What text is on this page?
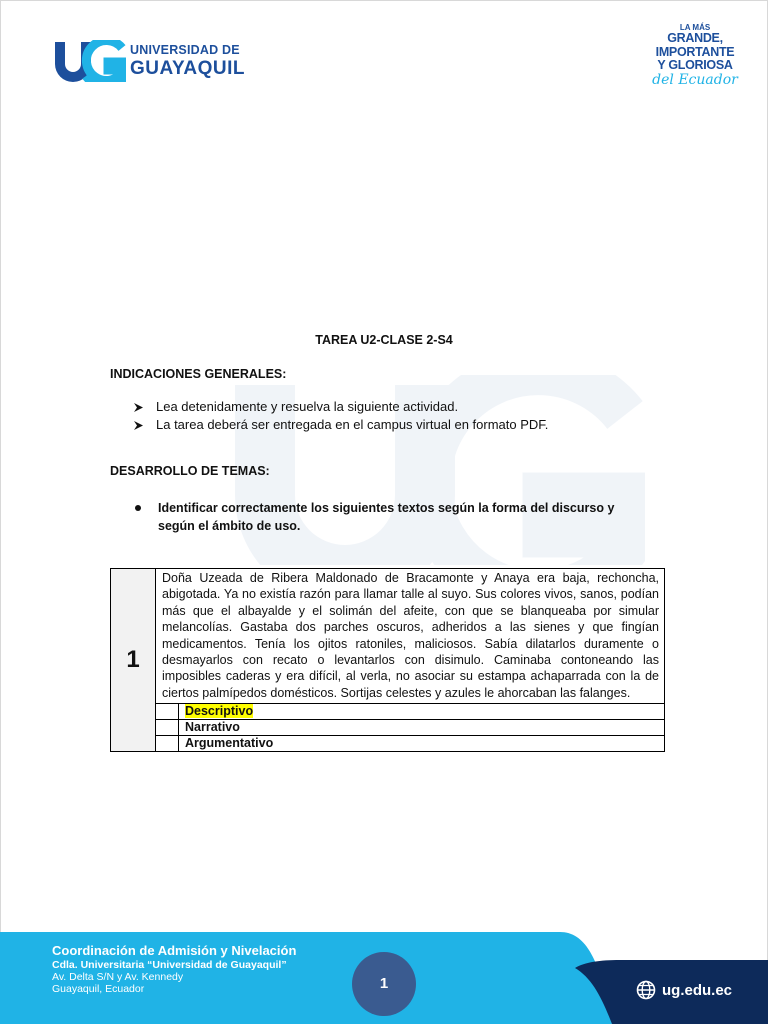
UNIVERSIDAD DE
GUAYAQUIL
LA MÁS
GRANDE,
IMPORTANTE
Y GLORIOSA
del Ecuador
TAREA U2-CLASE 2-S4
INDICACIONES GENERALES:
Lea detenidamente y resuelva la siguiente actividad.
La tarea deberá ser entregada en el campus virtual en formato PDF.
DESARROLLO DE TEMAS:
Identificar correctamente los siguientes textos según la forma del discurso y según el ámbito de uso.
1	Doña Uzeada de Ribera Maldonado de Bracamonte y Anaya era baja, rechoncha, abigotada. Ya no existía razón para llamar talle al suyo. Sus colores vivos, sanos, podían más que el albayalde y el solimán del afeite, con que se blanqueaba por simular melancolías. Gastaba dos parches oscuros, adheridos a las sienes y que fingían medicamentos. Tenía los ojitos ratoniles, maliciosos. Sabía dilatarlos duramente o desmayarlos con recato o levantarlos con disimulo. Caminaba contoneando las imposibles caderas y era difícil, al verla, no asociar su estampa achaparrada con la de ciertos palmípedos domésticos. Sortijas celestes y azules le ahorcaban las falanges.	
		Descriptivo
		Narrativo
		Argumentativo
Coordinación de Admisión y Nivelación
Cdla. Universitaria “Universidad de Guayaquil”
Av. Delta S/N y Av. Kennedy
Guayaquil, Ecuador	1	ug.edu.ec
